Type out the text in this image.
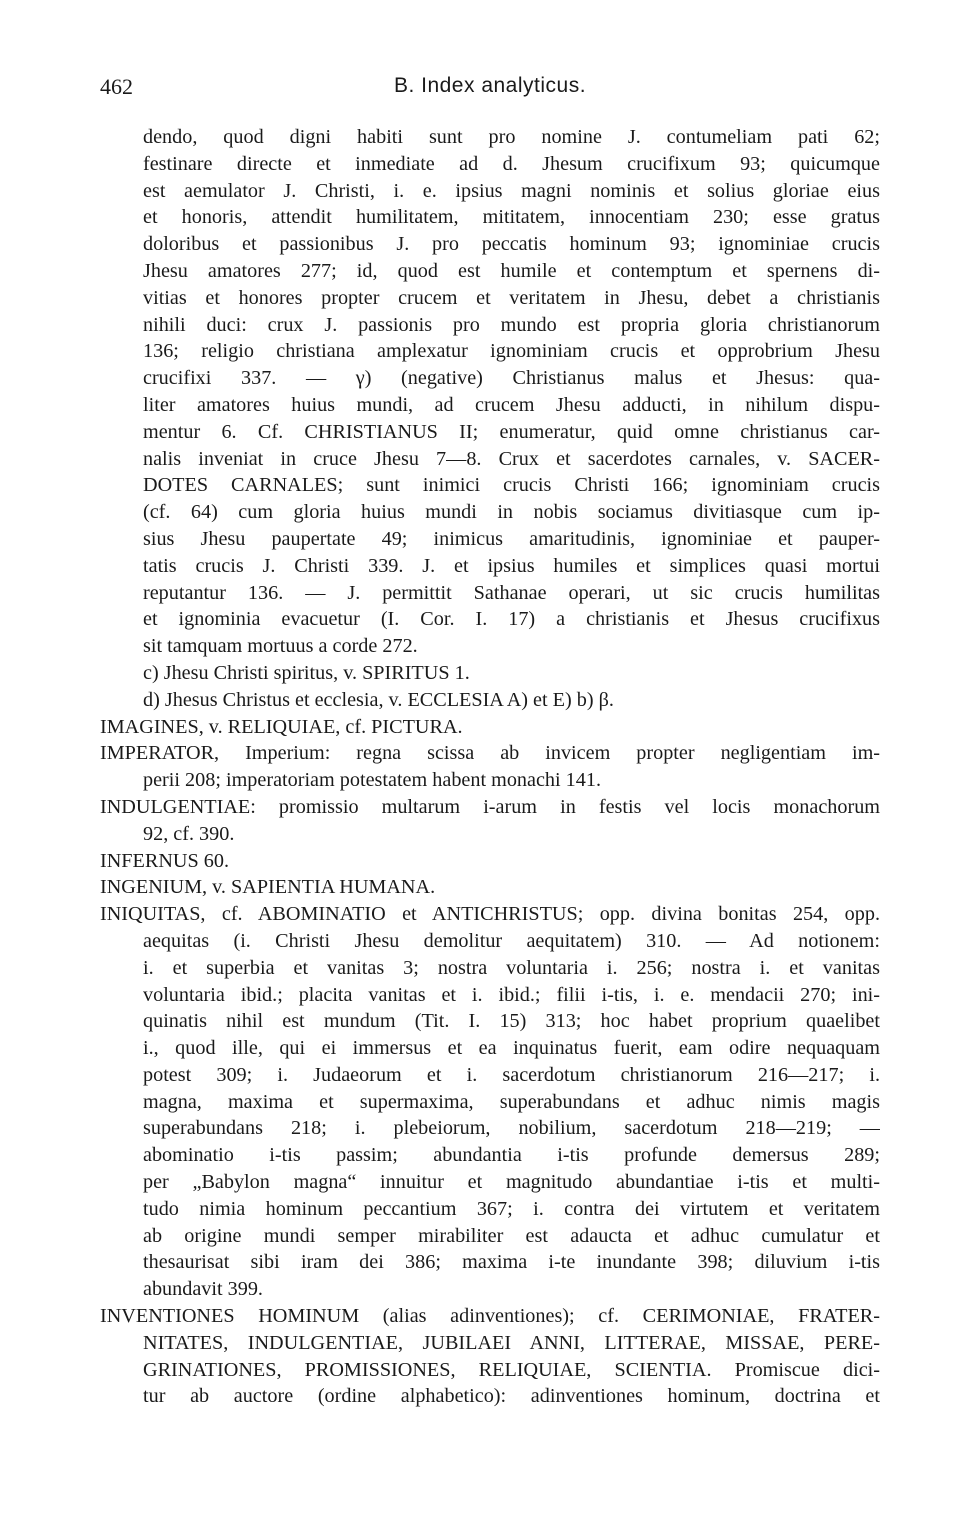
462	B. Index analyticus.
dendo, quod digni habiti sunt pro nomine J. contumeliam pati 62;
festinare directe et inmediate ad d. Jhesum crucifixum 93; quicumque
est aemulator J. Christi, i. e. ipsius magni nominis et solius gloriae eius
et honoris, attendit humilitatem, mititatem, innocentiam 230; esse gratus
doloribus et passionibus J. pro peccatis hominum 93; ignominiae crucis
Jhesu amatores 277; id, quod est humile et contemptum et spernens di-
vitias et honores propter crucem et veritatem in Jhesu, debet a christianis
nihili duci: crux J. passionis pro mundo est propria gloria christianorum
136; religio christiana amplexatur ignominiam crucis et opprobrium Jhesu
crucifixi 337. — γ) (negative) Christianus malus et Jhesus: qua-
liter amatores huius mundi, ad crucem Jhesu adducti, in nihilum dispu-
mentur 6. Cf. CHRISTIANUS II; enumeratur, quid omne christianus car-
nalis inveniat in cruce Jhesu 7—8. Crux et sacerdotes carnales, v. SACER-
DOTES CARNALES; sunt inimici crucis Christi 166; ignominiam crucis
(cf. 64) cum gloria huius mundi in nobis sociamus divitiasque cum ip-
sius Jhesu paupertate 49; inimicus amaritudinis, ignominiae et pauper-
tatis crucis J. Christi 339. J. et ipsius humiles et simplices quasi mortui
reputantur 136. — J. permittit Sathanae operari, ut sic crucis humilitas
et ignominia evacuetur (I. Cor. I. 17) a christianis et Jhesus crucifixus
sit tamquam mortuus a corde 272.
c) Jhesu Christi spiritus, v. SPIRITUS 1.
d) Jhesus Christus et ecclesia, v. ECCLESIA A) et E) b) β.
IMAGINES, v. RELIQUIAE, cf. PICTURA.
IMPERATOR, Imperium: regna scissa ab invicem propter negligentiam im-
perii 208; imperatoriam potestatem habent monachi 141.
INDULGENTIAE: promissio multarum i-arum in festis vel locis monachorum
92, cf. 390.
INFERNUS 60.
INGENIUM, v. SAPIENTIA HUMANA.
INIQUITAS, cf. ABOMINATIO et ANTICHRISTUS; opp. divina bonitas 254, opp.
aequitas (i. Christi Jhesu demolitur aequitatem) 310. — Ad notionem:
i. et superbia et vanitas 3; nostra voluntaria i. 256; nostra i. et vanitas
voluntaria ibid.; placita vanitas et i. ibid.; filii i-tis, i. e. mendacii 270; ini-
quinatis nihil est mundum (Tit. I. 15) 313; hoc habet proprium quaelibet
i., quod ille, qui ei immersus et ea inquinatus fuerit, eam odire nequaquam
potest 309; i. Judaeorum et i. sacerdotum christianorum 216—217; i.
magna, maxima et supermaxima, superabundans et adhuc nimis magis
superabundans 218; i. plebeiorum, nobilium, sacerdotum 218—219; —
abominatio i-tis passim; abundantia i-tis profunde demersus 289;
per „Babylon magna“ innuitur et magnitudo abundantiae i-tis et multi-
tudo nimia hominum peccantium 367; i. contra dei virtutem et veritatem
ab origine mundi semper mirabiliter est adaucta et adhuc cumulatur et
thesaurisat sibi iram dei 386; maxima i-te inundante 398; diluvium i-tis
abundavit 399.
INVENTIONES HOMINUM (alias adinventiones); cf. CERIMONIAE, FRATER-
NITATES, INDULGENTIAE, JUBILAEI ANNI, LITTERAE, MISSAE, PERE-
GRINATIONES, PROMISSIONES, RELIQUIAE, SCIENTIA. Promiscue dici-
tur ab auctore (ordine alphabetico): adinventiones hominum, doctrina et
